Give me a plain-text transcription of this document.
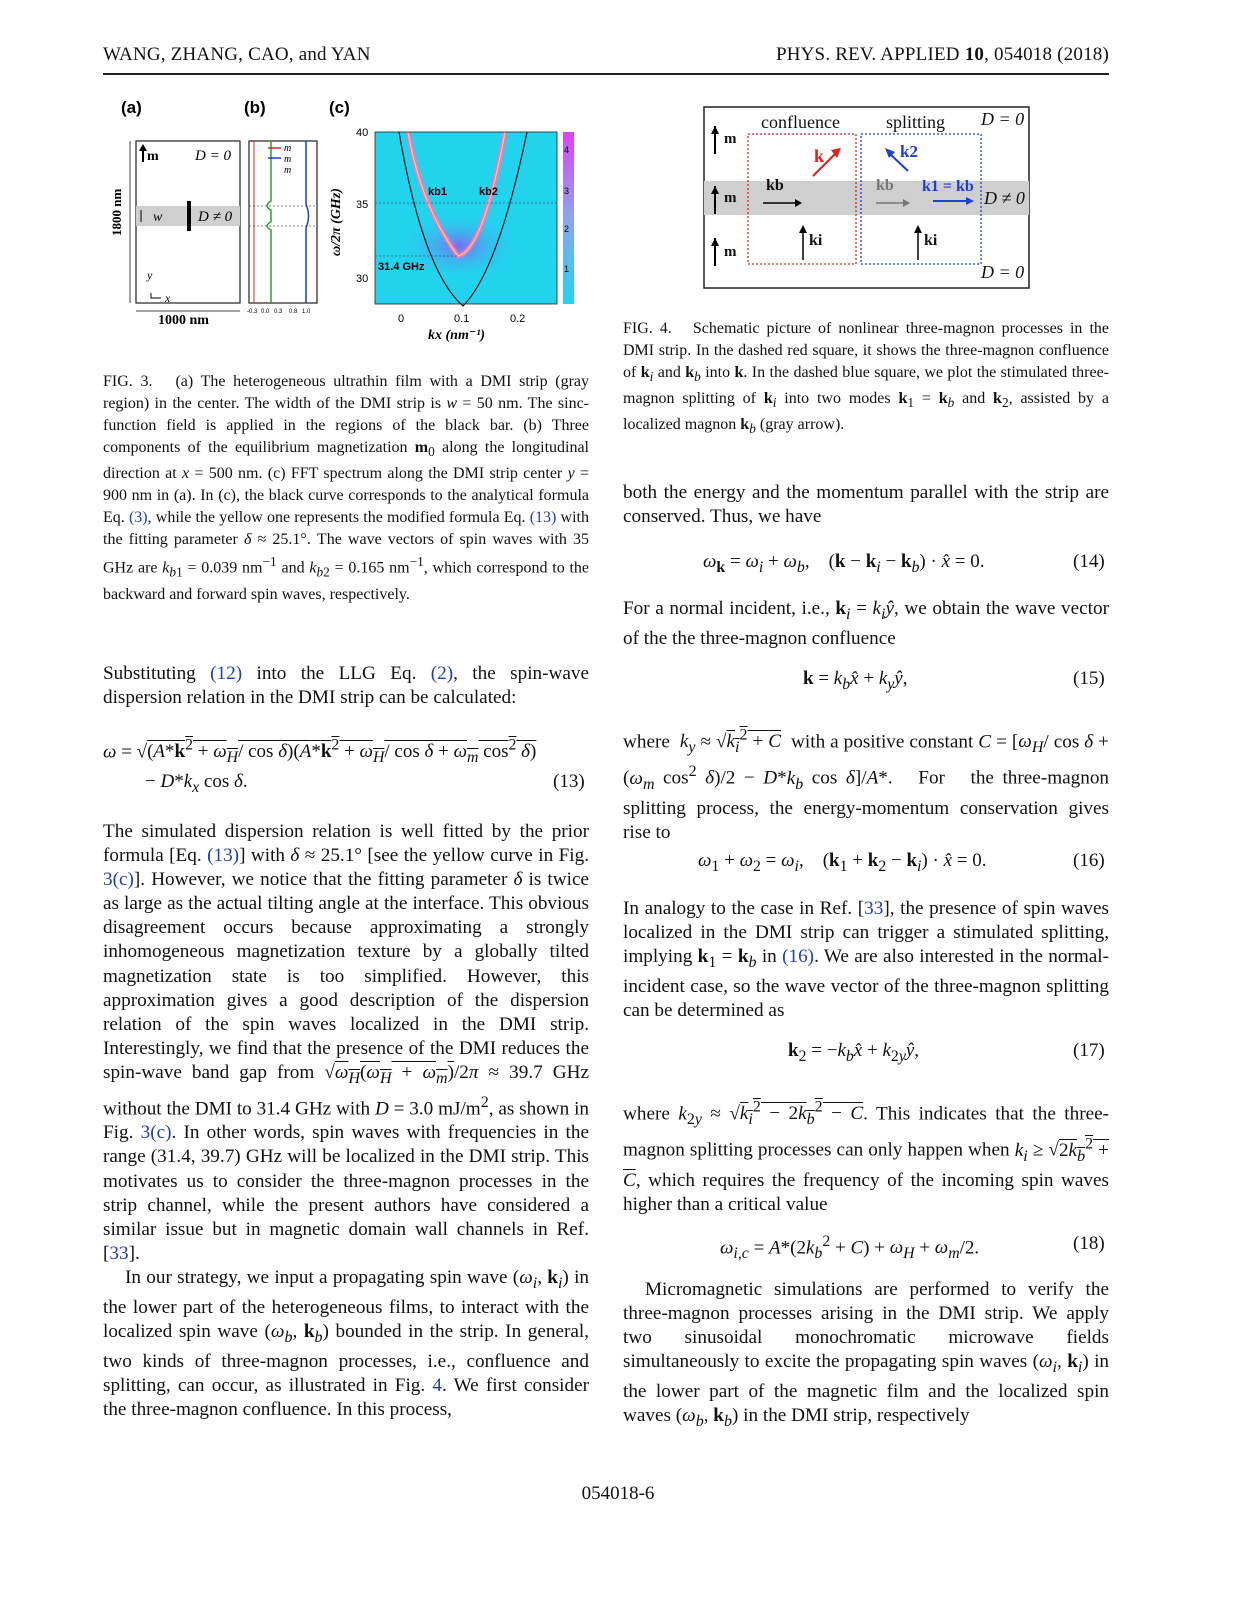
WANG, ZHANG, CAO, and YAN	PHYS. REV. APPLIED 10, 054018 (2018)
(a)	(b)	(c)
1800 nm
1000 nm
m D = 0
D ≠ 0
w
y
x
m
m
m
-0.3 0.0 0.3 0.8 1.0
ω/2π (GHz)
kx (nm⁻¹)
40
35
30
0	0.1	0.2
4
3
2
1
kb1	kb2
31.4 GHz
FIG. 3.   (a) The heterogeneous ultrathin film with a DMI strip (gray region) in the center. The width of the DMI strip is w = 50 nm. The sinc-function field is applied in the regions of the black bar. (b) Three components of the equilibrium magnetization $m_0$ along the longitudinal direction at x = 500 nm. (c) FFT spectrum along the DMI strip center y = 900 nm in (a). In (c), the black curve corresponds to the analytical formula Eq. (3), while the yellow one represents the modified formula Eq. (13) with the fitting parameter δ ≈ 25.1°. The wave vectors of spin waves with 35 GHz are $k_{b1} = 0.039$ $nm^{-1}$ and $k_{b2} = 0.165$ $nm^{-1}$, which correspond to the backward and forward spin waves, respectively.

Substituting (12) into the LLG Eq. (2), the spin-wave dispersion relation in the DMI strip can be calculated:

$\omega = √(A*k^2 + \omega_H/$ $\cos \delta)(A*k^2 + \omega_H/$ $\cos \delta + \omega_m$ $\cos^2 \delta$)
− $D*k_x$ cos δ.	(13)

The simulated dispersion relation is well fitted by the prior formula [Eq. (13)] with δ ≈ 25.1° [see the yellow curve in Fig. 3(c)]. However, we notice that the fitting parameter δ is twice as large as the actual tilting angle at the interface. This obvious disagreement occurs because approximating a strongly inhomogeneous magnetization texture by a globally tilted magnetization state is too simplified. However, this approximation gives a good description of the dispersion relation of the spin waves localized in the DMI strip. Interestingly, we find that the presence of the DMI reduces the spin-wave band gap from $√\omega_H(\omega_H + \omega_m)/2\pi \approx 39.7$ GHz without the DMI to 31.4 GHz with D = 3.0 $mJ/m^2$, as shown in Fig. 3(c). In other words, spin waves with frequencies in the range (31.4, 39.7) GHz will be localized in the DMI strip. This motivates us to consider the three-magnon processes in the strip channel, while the present authors have considered a similar issue but in magnetic domain wall channels in Ref. [33].

In our strategy, we input a propagating spin wave ($\omega_i$, $k_i$) in the lower part of the heterogeneous films, to interact with the localized spin wave ($\omega_b$, $k_b$) bounded in the strip. In general, two kinds of three-magnon processes, i.e., confluence and splitting, can occur, as illustrated in Fig. 4. We first consider the three-magnon confluence. In this process,

confluence	splitting D = 0
D ≠ 0
D = 0
m
m
m
k	k2
kb	kb k1 = kb
ki	ki
FIG. 4.   Schematic picture of nonlinear three-magnon processes in the DMI strip. In the dashed red square, it shows the three-magnon confluence of $k_i$ and $k_b$ into k. In the dashed blue square, we plot the stimulated three-magnon splitting of $k_i$ into two modes $k_1 = k_b$ and $k_2$, assisted by a localized magnon $k_b$ (gray arrow).

both the energy and the momentum parallel with the strip are conserved. Thus, we have

$\omega_k = \omega_i + \omega_b$,    $(k - k_i - k_b)$ · x̂ = 0.	(14)

For a normal incident, i.e., $k_i$ = $k_iŷ$, we obtain the wave vector of the the three-magnon confluence

$k = k_bx̂$ + $k_yŷ$,	(15)

where  $k_y \approx √k_i^2 + C$  with a positive constant $C = [\omega_H/$ $\cos \delta + (\omega_m$ $\cos^2 \delta)/2 - D*k_b$ cos δ]/A*.   For   the three-magnon splitting process, the energy-momentum conservation gives rise to

$\omega_1 + \omega_2 = \omega_i$,    $(k_1 + k_2 - k_i)$ · x̂ = 0.	(16)

In analogy to the case in Ref. [33], the presence of spin waves localized in the DMI strip can trigger a stimulated splitting, implying $k_1 = k_b$ in (16). We are also interested in the normal-incident case, so the wave vector of the three-magnon splitting can be determined as

$k_2$ = $-k_bx̂$ + $k_{2y}ŷ$,	(17)

where $k_{2y} \approx √k_i^2 - 2k_b^2 - C$. This indicates that the three-magnon splitting processes can only happen when $k_i \ge √2k_b^2 + C$, which requires the frequency of the incoming spin waves higher than a critical value

$\omega_{i,c} = A*(2k_b^2 + C) + \omega_H + \omega_m/2$.	(18)

Micromagnetic simulations are performed to verify the three-magnon processes arising in the DMI strip. We apply two sinusoidal monochromatic microwave fields simultaneously to excite the propagating spin waves ($\omega_i$, $k_i$) in the lower part of the magnetic film and the localized spin waves ($\omega_b$, $k_b$) in the DMI strip, respectively

054018-6
